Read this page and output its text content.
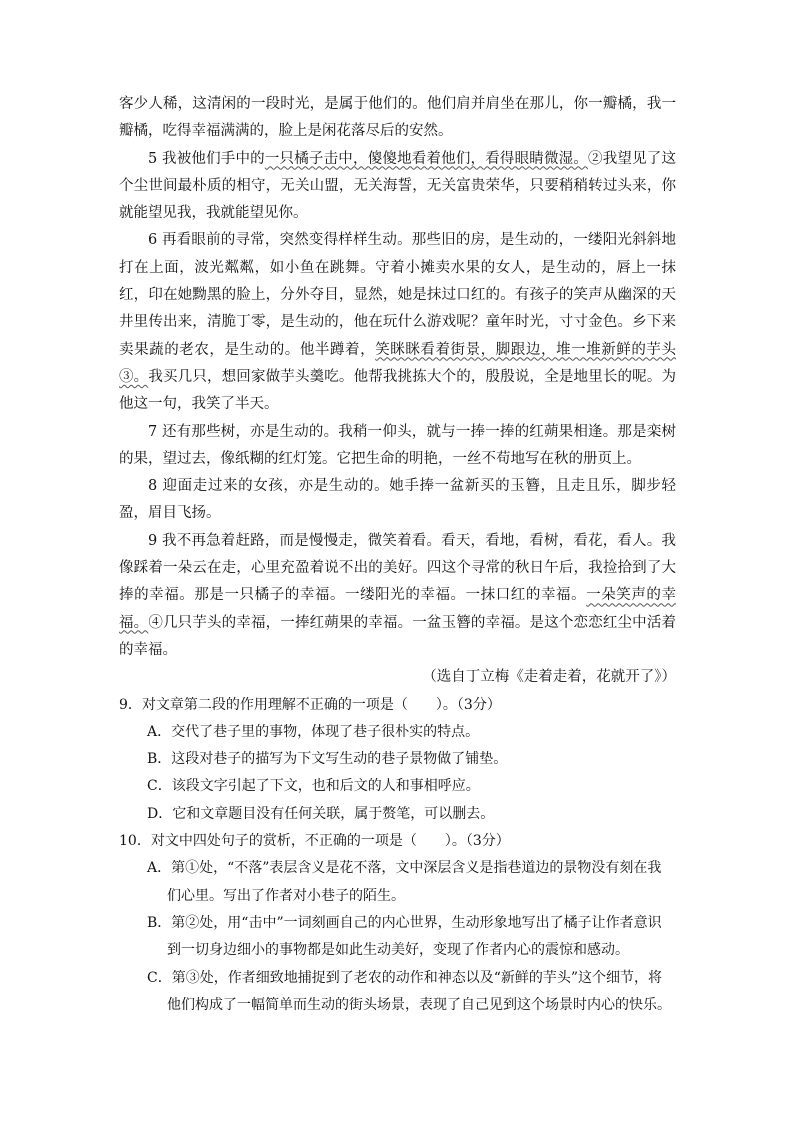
客少人稀，这清闲的一段时光，是属于他们的。他们肩并肩坐在那儿，你一瓣橘，我一瓣橘，吃得幸福满满的，脸上是闲花落尽后的安然。

5 我被他们手中的一只橘子击中，傻傻地看着他们，看得眼睛微湿。②我望见了这个尘世间最朴质的相守，无关山盟，无关海誓，无关富贵荣华，只要稍稍转过头来，你就能望见我，我就能望见你。

6 再看眼前的寻常，突然变得样样生动。那些旧的房，是生动的，一缕阳光斜斜地打在上面，波光粼粼，如小鱼在跳舞。守着小摊卖水果的女人，是生动的，唇上一抹红，印在她黝黑的脸上，分外夺目，显然，她是抹过口红的。有孩子的笑声从幽深的天井里传出来，清脆丁零，是生动的，他在玩什么游戏呢？童年时光，寸寸金色。乡下来卖果蔬的老农，是生动的。他半蹲着，笑眯眯看着街景，脚跟边，堆一堆新鲜的芋头③。我买几只，想回家做芋头羹吃。他帮我挑拣大个的，殷殷说，全是地里长的呢。为他这一句，我笑了半天。

7 还有那些树，亦是生动的。我稍一仰头，就与一捧一捧的红蒴果相逢。那是栾树的果，望过去，像纸糊的红灯笼。它把生命的明艳，一丝不苟地写在秋的册页上。

8 迎面走过来的女孩，亦是生动的。她手捧一盆新买的玉簪，且走且乐，脚步轻盈，眉目飞扬。

9 我不再急着赶路，而是慢慢走，微笑着看。看天，看地，看树，看花，看人。我像踩着一朵云在走，心里充盈着说不出的美好。四这个寻常的秋日午后，我捡拾到了大捧的幸福。那是一只橘子的幸福。一缕阳光的幸福。一抹口红的幸福。一朵笑声的幸福。④几只芋头的幸福，一捧红蒴果的幸福。一盆玉簪的幸福。是这个恋恋红尘中活着的幸福。

（选自丁立梅《走着走着，花就开了》）

9．对文章第二段的作用理解不正确的一项是（　　）。（3分）

A．交代了巷子里的事物，体现了巷子很朴实的特点。

B．这段对巷子的描写为下文写生动的巷子景物做了铺垫。

C．该段文字引起了下文，也和后文的人和事相呼应。

D．它和文章题目没有任何关联，属于赘笔，可以删去。

10．对文中四处句子的赏析，不正确的一项是（　　）。（3分）

A．第①处，“不落”表层含义是花不落，文中深层含义是指巷道边的景物没有刻在我
们心里。写出了作者对小巷子的陌生。
B．第②处，用“击中”一词刻画自己的内心世界，生动形象地写出了橘子让作者意识
到一切身边细小的事物都是如此生动美好，变现了作者内心的震惊和感动。
C．第③处，作者细致地捕捉到了老农的动作和神态以及“新鲜的芋头”这个细节，将
他们构成了一幅简单而生动的街头场景，表现了自己见到这个场景时内心的快乐。
